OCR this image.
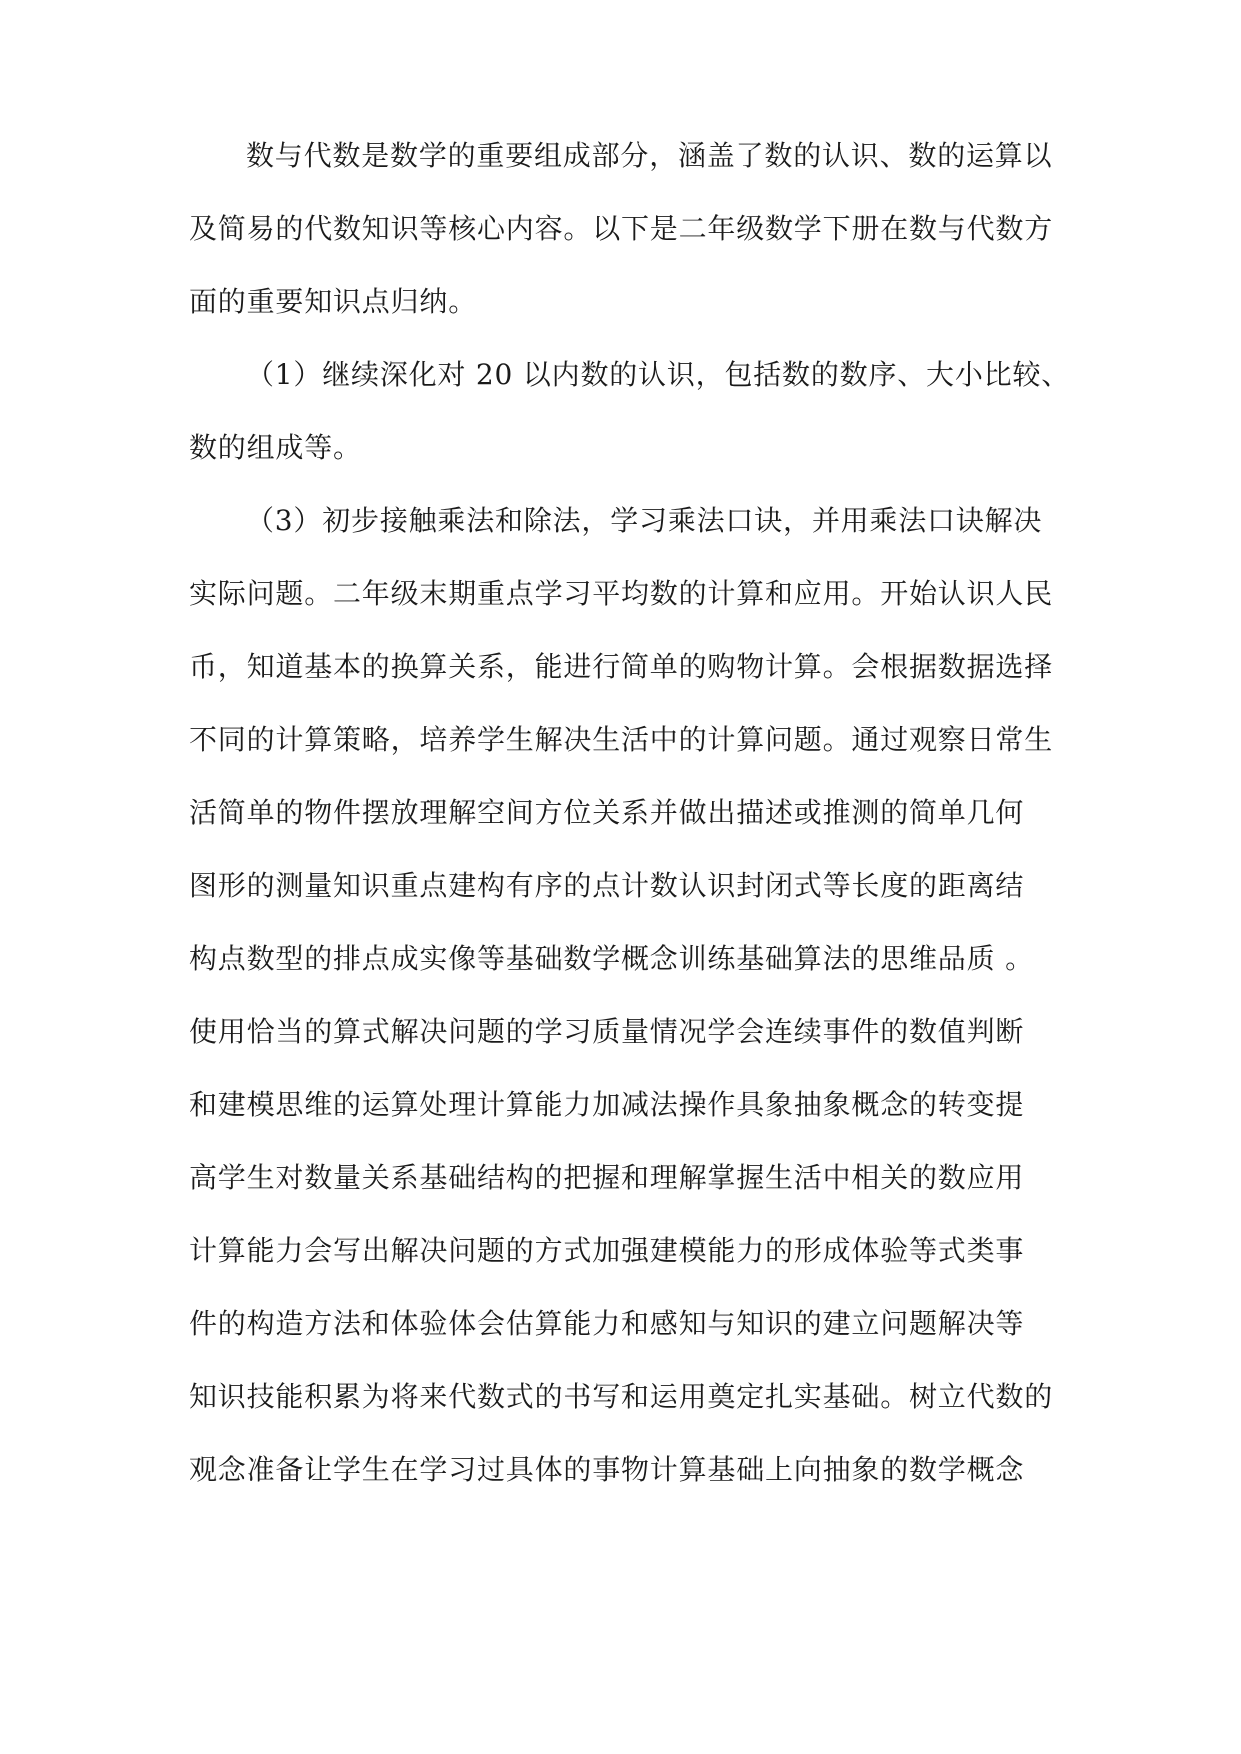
数与代数是数学的重要组成部分，涵盖了数的认识、数的运算以
及简易的代数知识等核心内容。以下是二年级数学下册在数与代数方
面的重要知识点归纳。
（1）继续深化对 20 以内数的认识，包括数的数序、大小比较、
数的组成等。
（3）初步接触乘法和除法，学习乘法口诀，并用乘法口诀解决
实际问题。二年级末期重点学习平均数的计算和应用。开始认识人民
币，知道基本的换算关系，能进行简单的购物计算。会根据数据选择
不同的计算策略，培养学生解决生活中的计算问题。通过观察日常生
活简单的物件摆放理解空间方位关系并做出描述或推测的简单几何
图形的测量知识重点建构有序的点计数认识封闭式等长度的距离结
构点数型的排点成实像等基础数学概念训练基础算法的思维品质 。
使用恰当的算式解决问题的学习质量情况学会连续事件的数值判断
和建模思维的运算处理计算能力加减法操作具象抽象概念的转变提
高学生对数量关系基础结构的把握和理解掌握生活中相关的数应用
计算能力会写出解决问题的方式加强建模能力的形成体验等式类事
件的构造方法和体验体会估算能力和感知与知识的建立问题解决等
知识技能积累为将来代数式的书写和运用奠定扎实基础。树立代数的
观念准备让学生在学习过具体的事物计算基础上向抽象的数学概念
